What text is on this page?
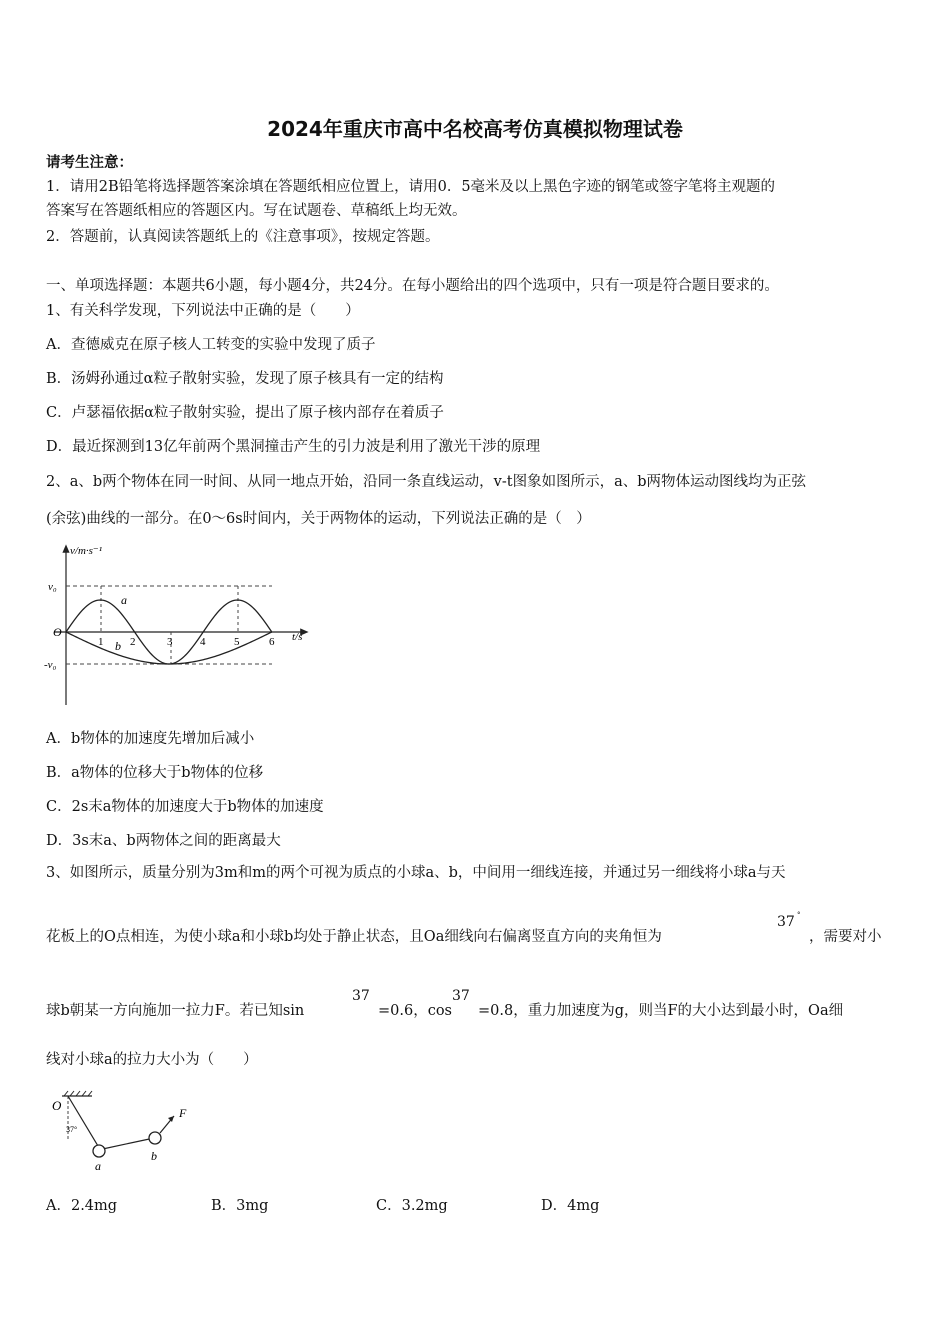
2024年重庆市高中名校高考仿真模拟物理试卷
请考生注意：
1．请用2B铅笔将选择题答案涂填在答题纸相应位置上，请用0．5毫米及以上黑色字迹的钢笔或签字笔将主观题的
答案写在答题纸相应的答题区内。写在试题卷、草稿纸上均无效。
2．答题前，认真阅读答题纸上的《注意事项》，按规定答题。
一、单项选择题：本题共6小题，每小题4分，共24分。在每小题给出的四个选项中，只有一项是符合题目要求的。
1、有关科学发现，下列说法中正确的是（　　）
A．查德威克在原子核人工转变的实验中发现了质子
B．汤姆孙通过α粒子散射实验，发现了原子核具有一定的结构
C．卢瑟福依据α粒子散射实验，提出了原子核内部存在着质子
D．最近探测到13亿年前两个黑洞撞击产生的引力波是利用了激光干涉的原理
2、a、b两个物体在同一时间、从同一地点开始，沿同一条直线运动，v-t图象如图所示，a、b两物体运动图线均为正弦
(余弦)曲线的一部分。在0～6s时间内，关于两物体的运动，下列说法正确的是（　）
v/m·s⁻¹
t/s
v₀
-v₀
O
1 2	3	4	5	6
a
b
A．b物体的加速度先增加后减小
B．a物体的位移大于b物体的位移
C．2s末a物体的加速度大于b物体的加速度
D．3s末a、b两物体之间的距离最大
3、如图所示，质量分别为3m和m的两个可视为质点的小球a、b，中间用一细线连接，并通过另一细线将小球a与天
花板上的O点相连，为使小球a和小球b均处于静止状态，且Oa细线向右偏离竖直方向的夹角恒为
37 °
，需要对小
球b朝某一方向施加一拉力F。若已知sin
37
=0.6，cos
37
=0.8，重力加速度为g，则当F的大小达到最小时，Oa细
线对小球a的拉力大小为（　　）
O
37°
a
b
F
A．2.4mg	B．3mg	C．3.2mg	D．4mg
